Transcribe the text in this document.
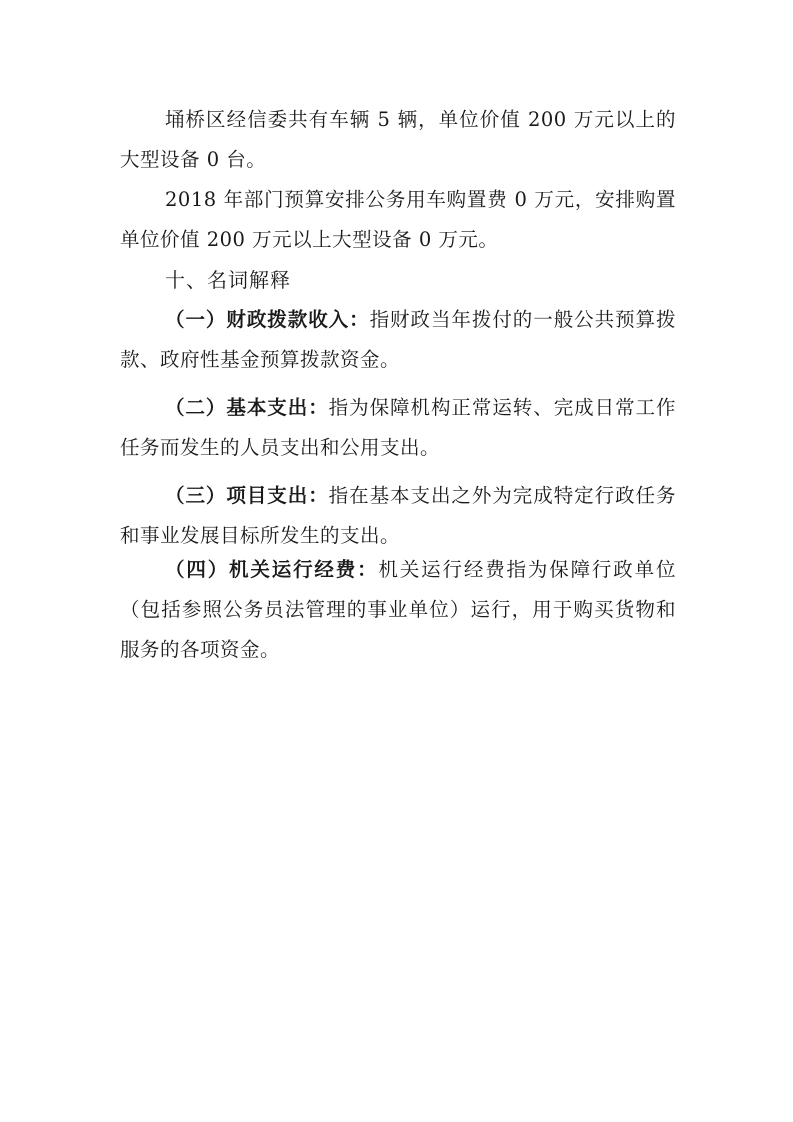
埇桥区经信委共有车辆 5 辆，单位价值 200 万元以上的大型设备 0 台。

2018 年部门预算安排公务用车购置费 0 万元，安排购置单位价值 200 万元以上大型设备 0 万元。

十、名词解释

（一）财政拨款收入：指财政当年拨付的一般公共预算拨款、政府性基金预算拨款资金。

（二）基本支出：指为保障机构正常运转、完成日常工作任务而发生的人员支出和公用支出。

（三）项目支出：指在基本支出之外为完成特定行政任务和事业发展目标所发生的支出。

（四）机关运行经费：机关运行经费指为保障行政单位（包括参照公务员法管理的事业单位）运行，用于购买货物和服务的各项资金。
